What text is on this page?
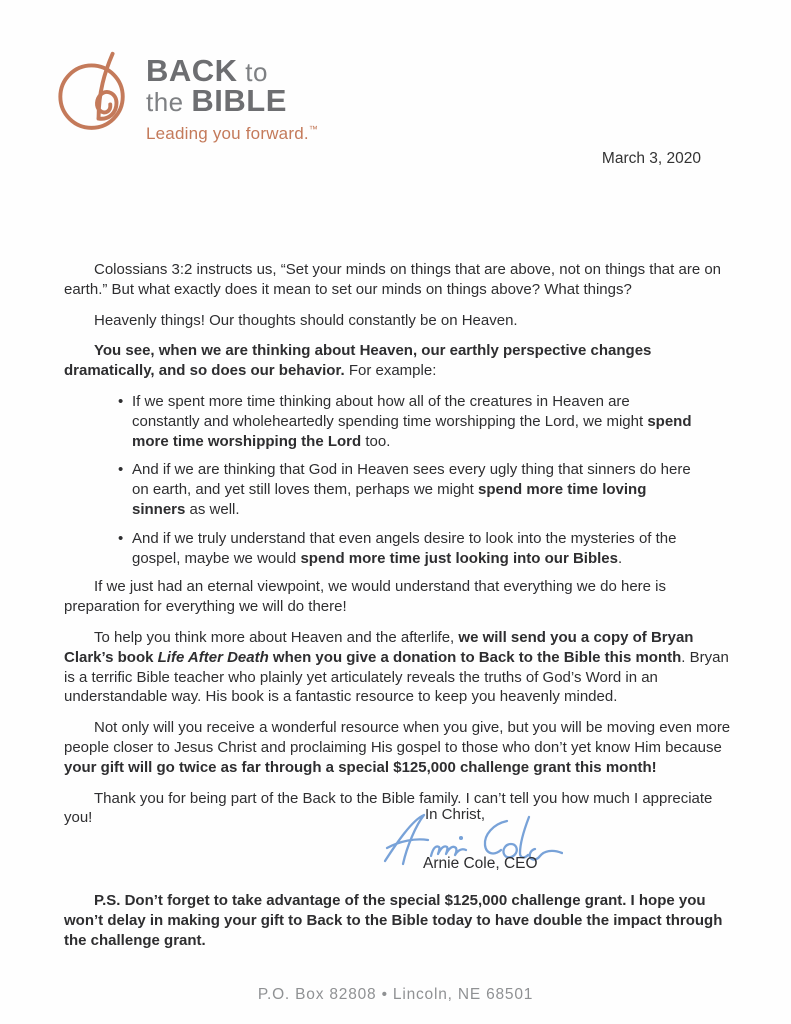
BACK to
the BIBLE
Leading you forward.™
March 3, 2020

Colossians 3:2 instructs us, “Set your minds on things that are above, not on things that are on earth.” But what exactly does it mean to set our minds on things above? What things?

Heavenly things! Our thoughts should constantly be on Heaven.

You see, when we are thinking about Heaven, our earthly perspective changes dramatically, and so does our behavior. For example:

• If we spent more time thinking about how all of the creatures in Heaven are constantly and wholeheartedly spending time worshipping the Lord, we might spend more time worshipping the Lord too.
• And if we are thinking that God in Heaven sees every ugly thing that sinners do here on earth, and yet still loves them, perhaps we might spend more time loving sinners as well.
• And if we truly understand that even angels desire to look into the mysteries of the gospel, maybe we would spend more time just looking into our Bibles.

If we just had an eternal viewpoint, we would understand that everything we do here is preparation for everything we will do there!

To help you think more about Heaven and the afterlife, we will send you a copy of Bryan Clark’s book Life After Death when you give a donation to Back to the Bible this month. Bryan is a terrific Bible teacher who plainly yet articulately reveals the truths of God’s Word in an understandable way. His book is a fantastic resource to keep you heavenly minded.

Not only will you receive a wonderful resource when you give, but you will be moving even more people closer to Jesus Christ and proclaiming His gospel to those who don’t yet know Him because your gift will go twice as far through a special $125,000 challenge grant this month!

Thank you for being part of the Back to the Bible family. I can’t tell you how much I appreciate you!	In Christ,
Arnie Cole, CEO

P.S. Don’t forget to take advantage of the special $125,000 challenge grant. I hope you won’t delay in making your gift to Back to the Bible today to have double the impact through the challenge grant.

P.O. Box 82808 • Lincoln, NE 68501
